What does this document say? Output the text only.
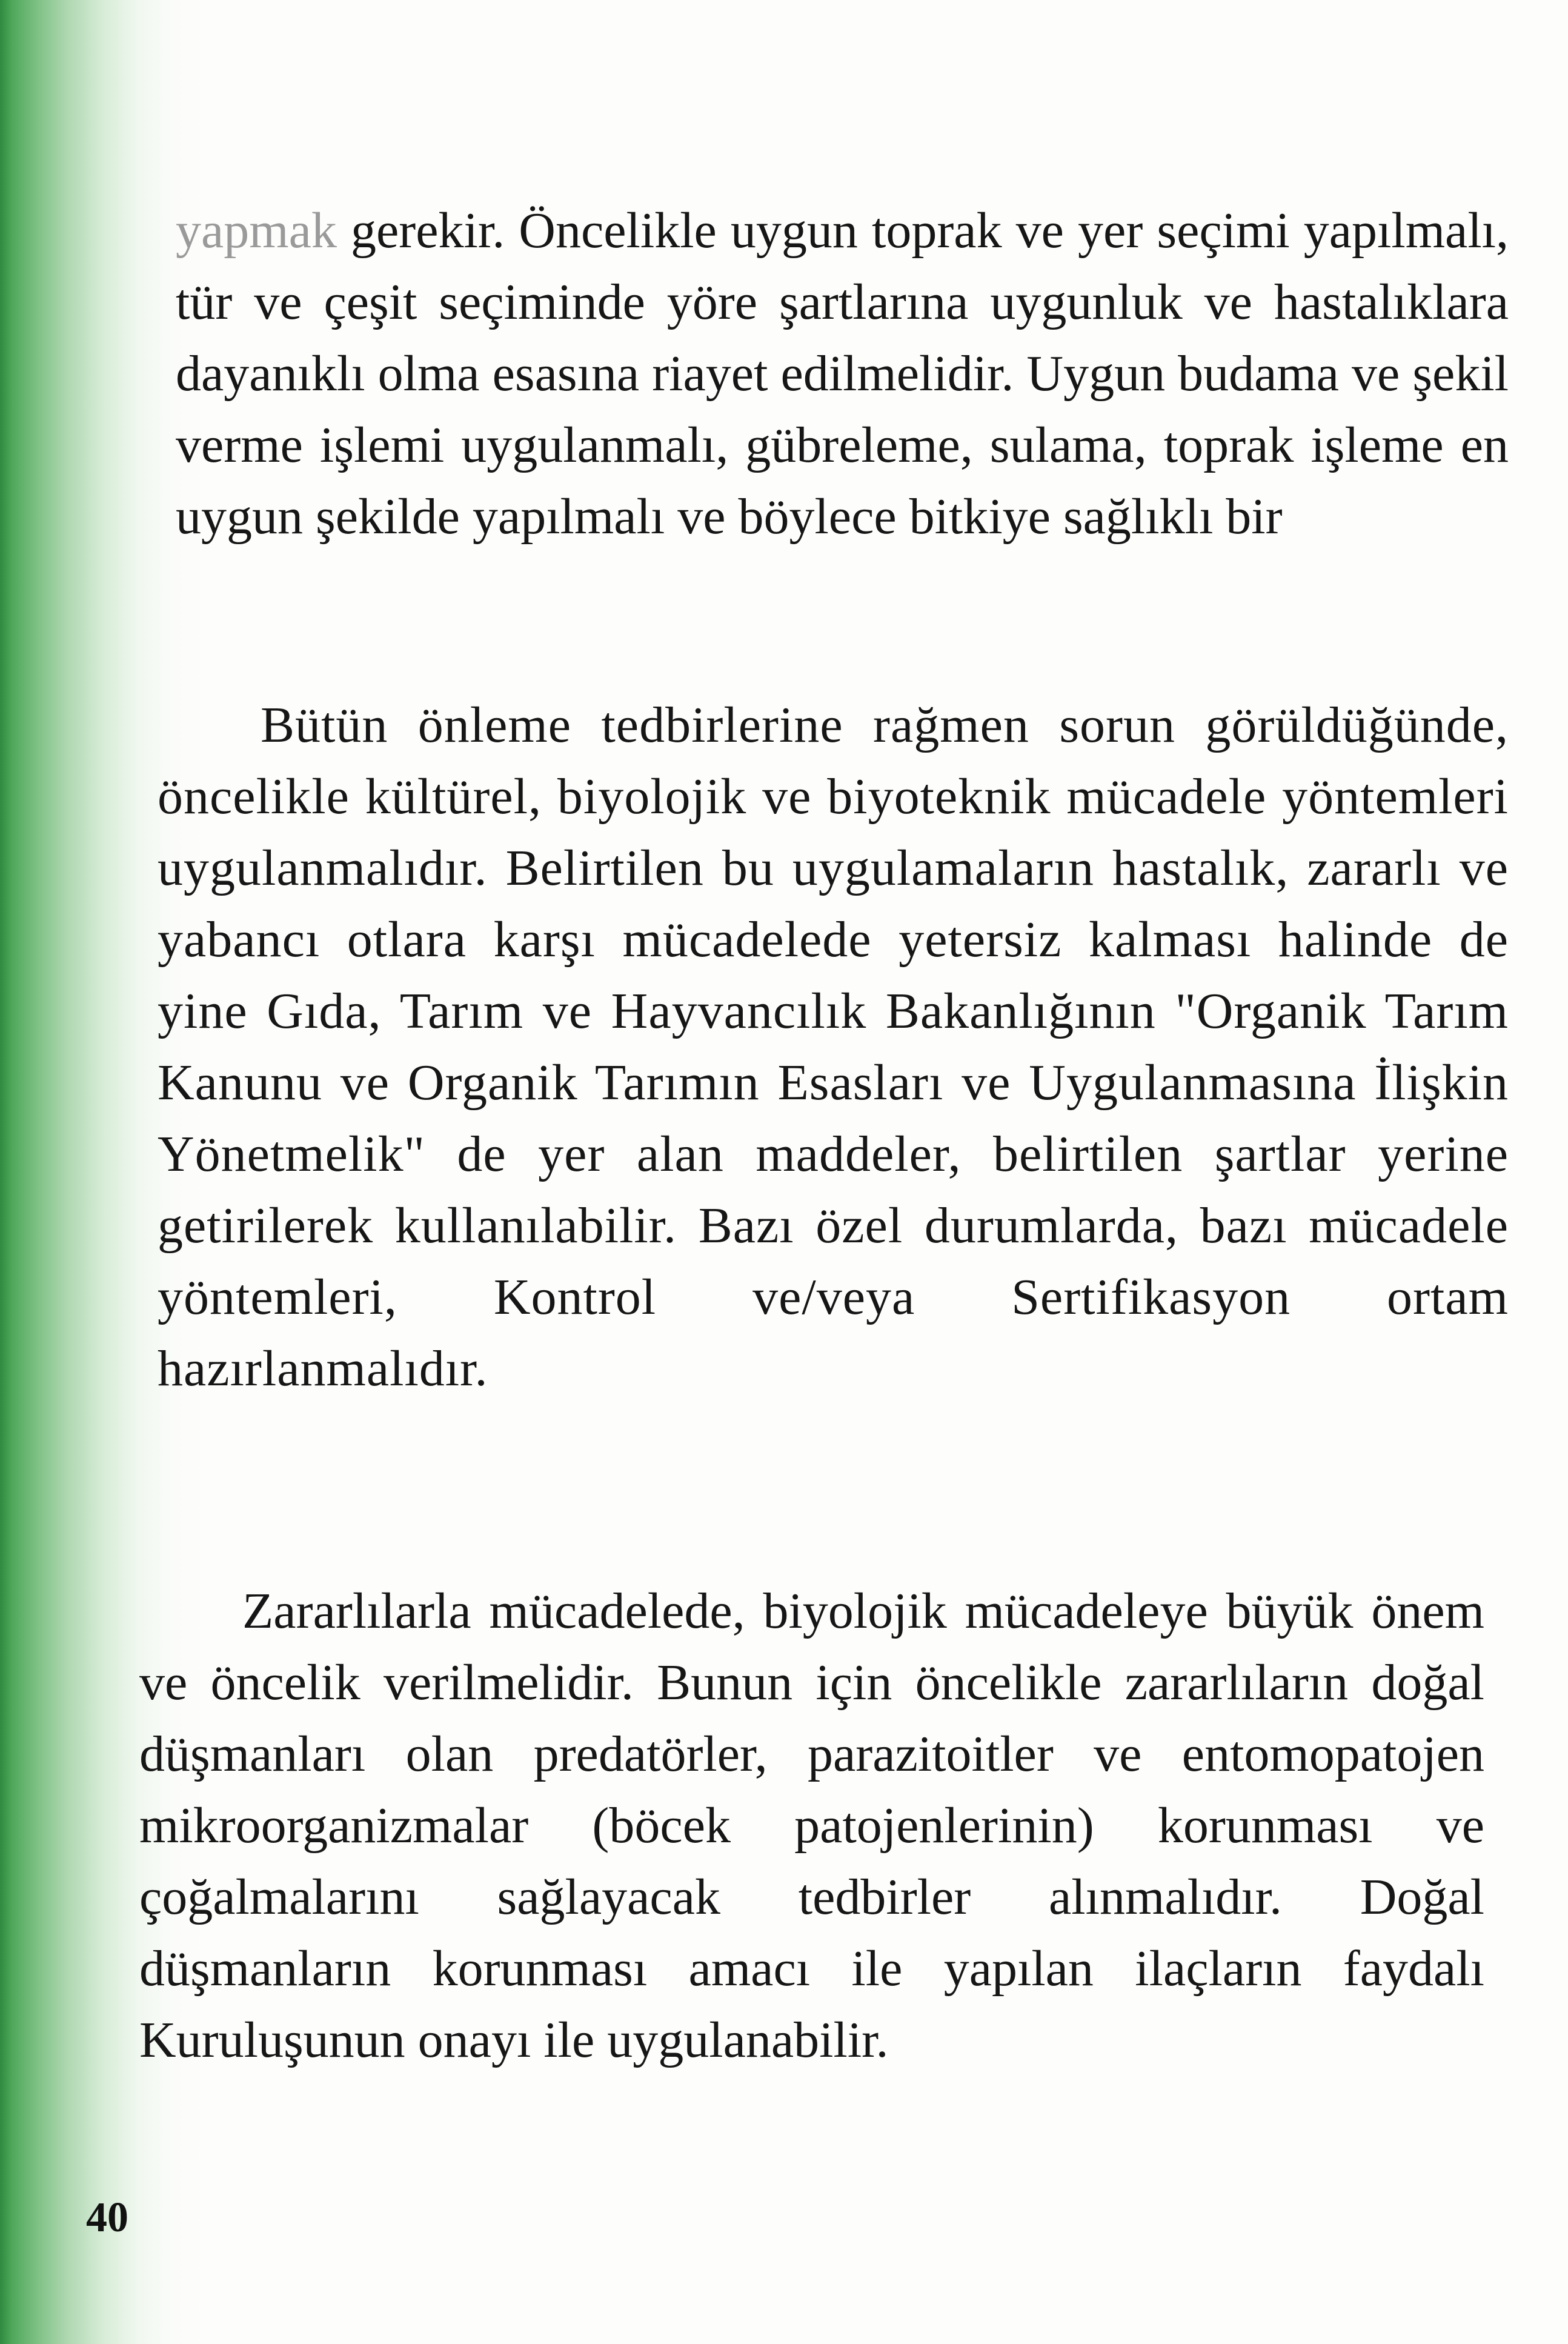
yapmak gerekir. Öncelikle uygun toprak ve yer seçimi yapılmalı, tür ve çeşit seçiminde yöre şartlarına uygunluk ve hastalıklara dayanıklı olma esasına riayet edilmelidir. Uygun budama ve şekil verme işlemi uygulanmalı, gübreleme, sulama, toprak işleme en uygun şekilde yapılmalı ve böylece bitkiye sağlıklı bir

Bütün önleme tedbirlerine rağmen sorun görüldüğünde, öncelikle kültürel, biyolojik ve biyoteknik mücadele yöntemleri uygulanmalıdır. Belirtilen bu uygulamaların hastalık, zararlı ve yabancı otlara karşı mücadelede yetersiz kalması halinde de yine Gıda, Tarım ve Hayvancılık Bakanlığının "Organik Tarım Kanunu ve Organik Tarımın Esasları ve Uygulanmasına İlişkin Yönetmelik" de yer alan maddeler, belirtilen şartlar yerine getirilerek kullanılabilir. Bazı özel durumlarda, bazı mücadele yöntemleri, Kontrol ve/veya Sertifikasyon ortam hazırlanmalıdır.

Zararlılarla mücadelede, biyolojik mücadeleye büyük önem ve öncelik verilmelidir. Bunun için öncelikle zararlıların doğal düşmanları olan predatörler, parazitoitler ve entomopatojen mikroorganizmalar (böcek patojenlerinin) korunması ve çoğalmalarını sağlayacak tedbirler alınmalıdır. Doğal düşmanların korunması amacı ile yapılan ilaçların faydalı Kuruluşunun onayı ile uygulanabilir.

40
